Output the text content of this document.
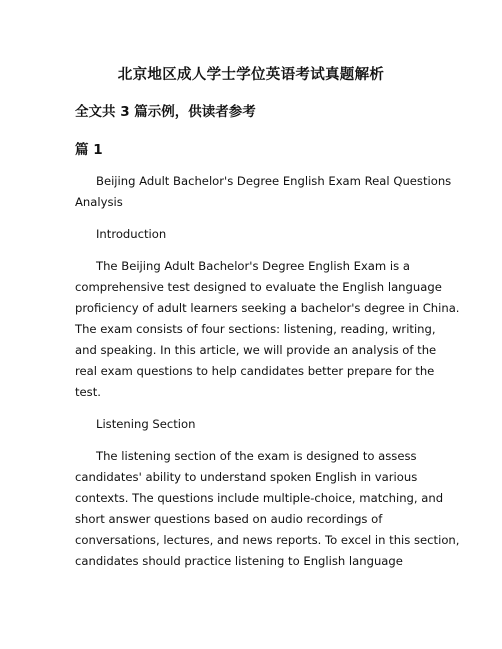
北京地区成人学士学位英语考试真题解析
全文共 3 篇示例，供读者参考
篇 1
Beijing Adult Bachelor's Degree English Exam Real Questions
Analysis
Introduction
The Beijing Adult Bachelor's Degree English Exam is a
comprehensive test designed to evaluate the English language
proficiency of adult learners seeking a bachelor's degree in China.
The exam consists of four sections: listening, reading, writing,
and speaking. In this article, we will provide an analysis of the
real exam questions to help candidates better prepare for the
test.
Listening Section
The listening section of the exam is designed to assess
candidates' ability to understand spoken English in various
contexts. The questions include multiple-choice, matching, and
short answer questions based on audio recordings of
conversations, lectures, and news reports. To excel in this section,
candidates should practice listening to English language
